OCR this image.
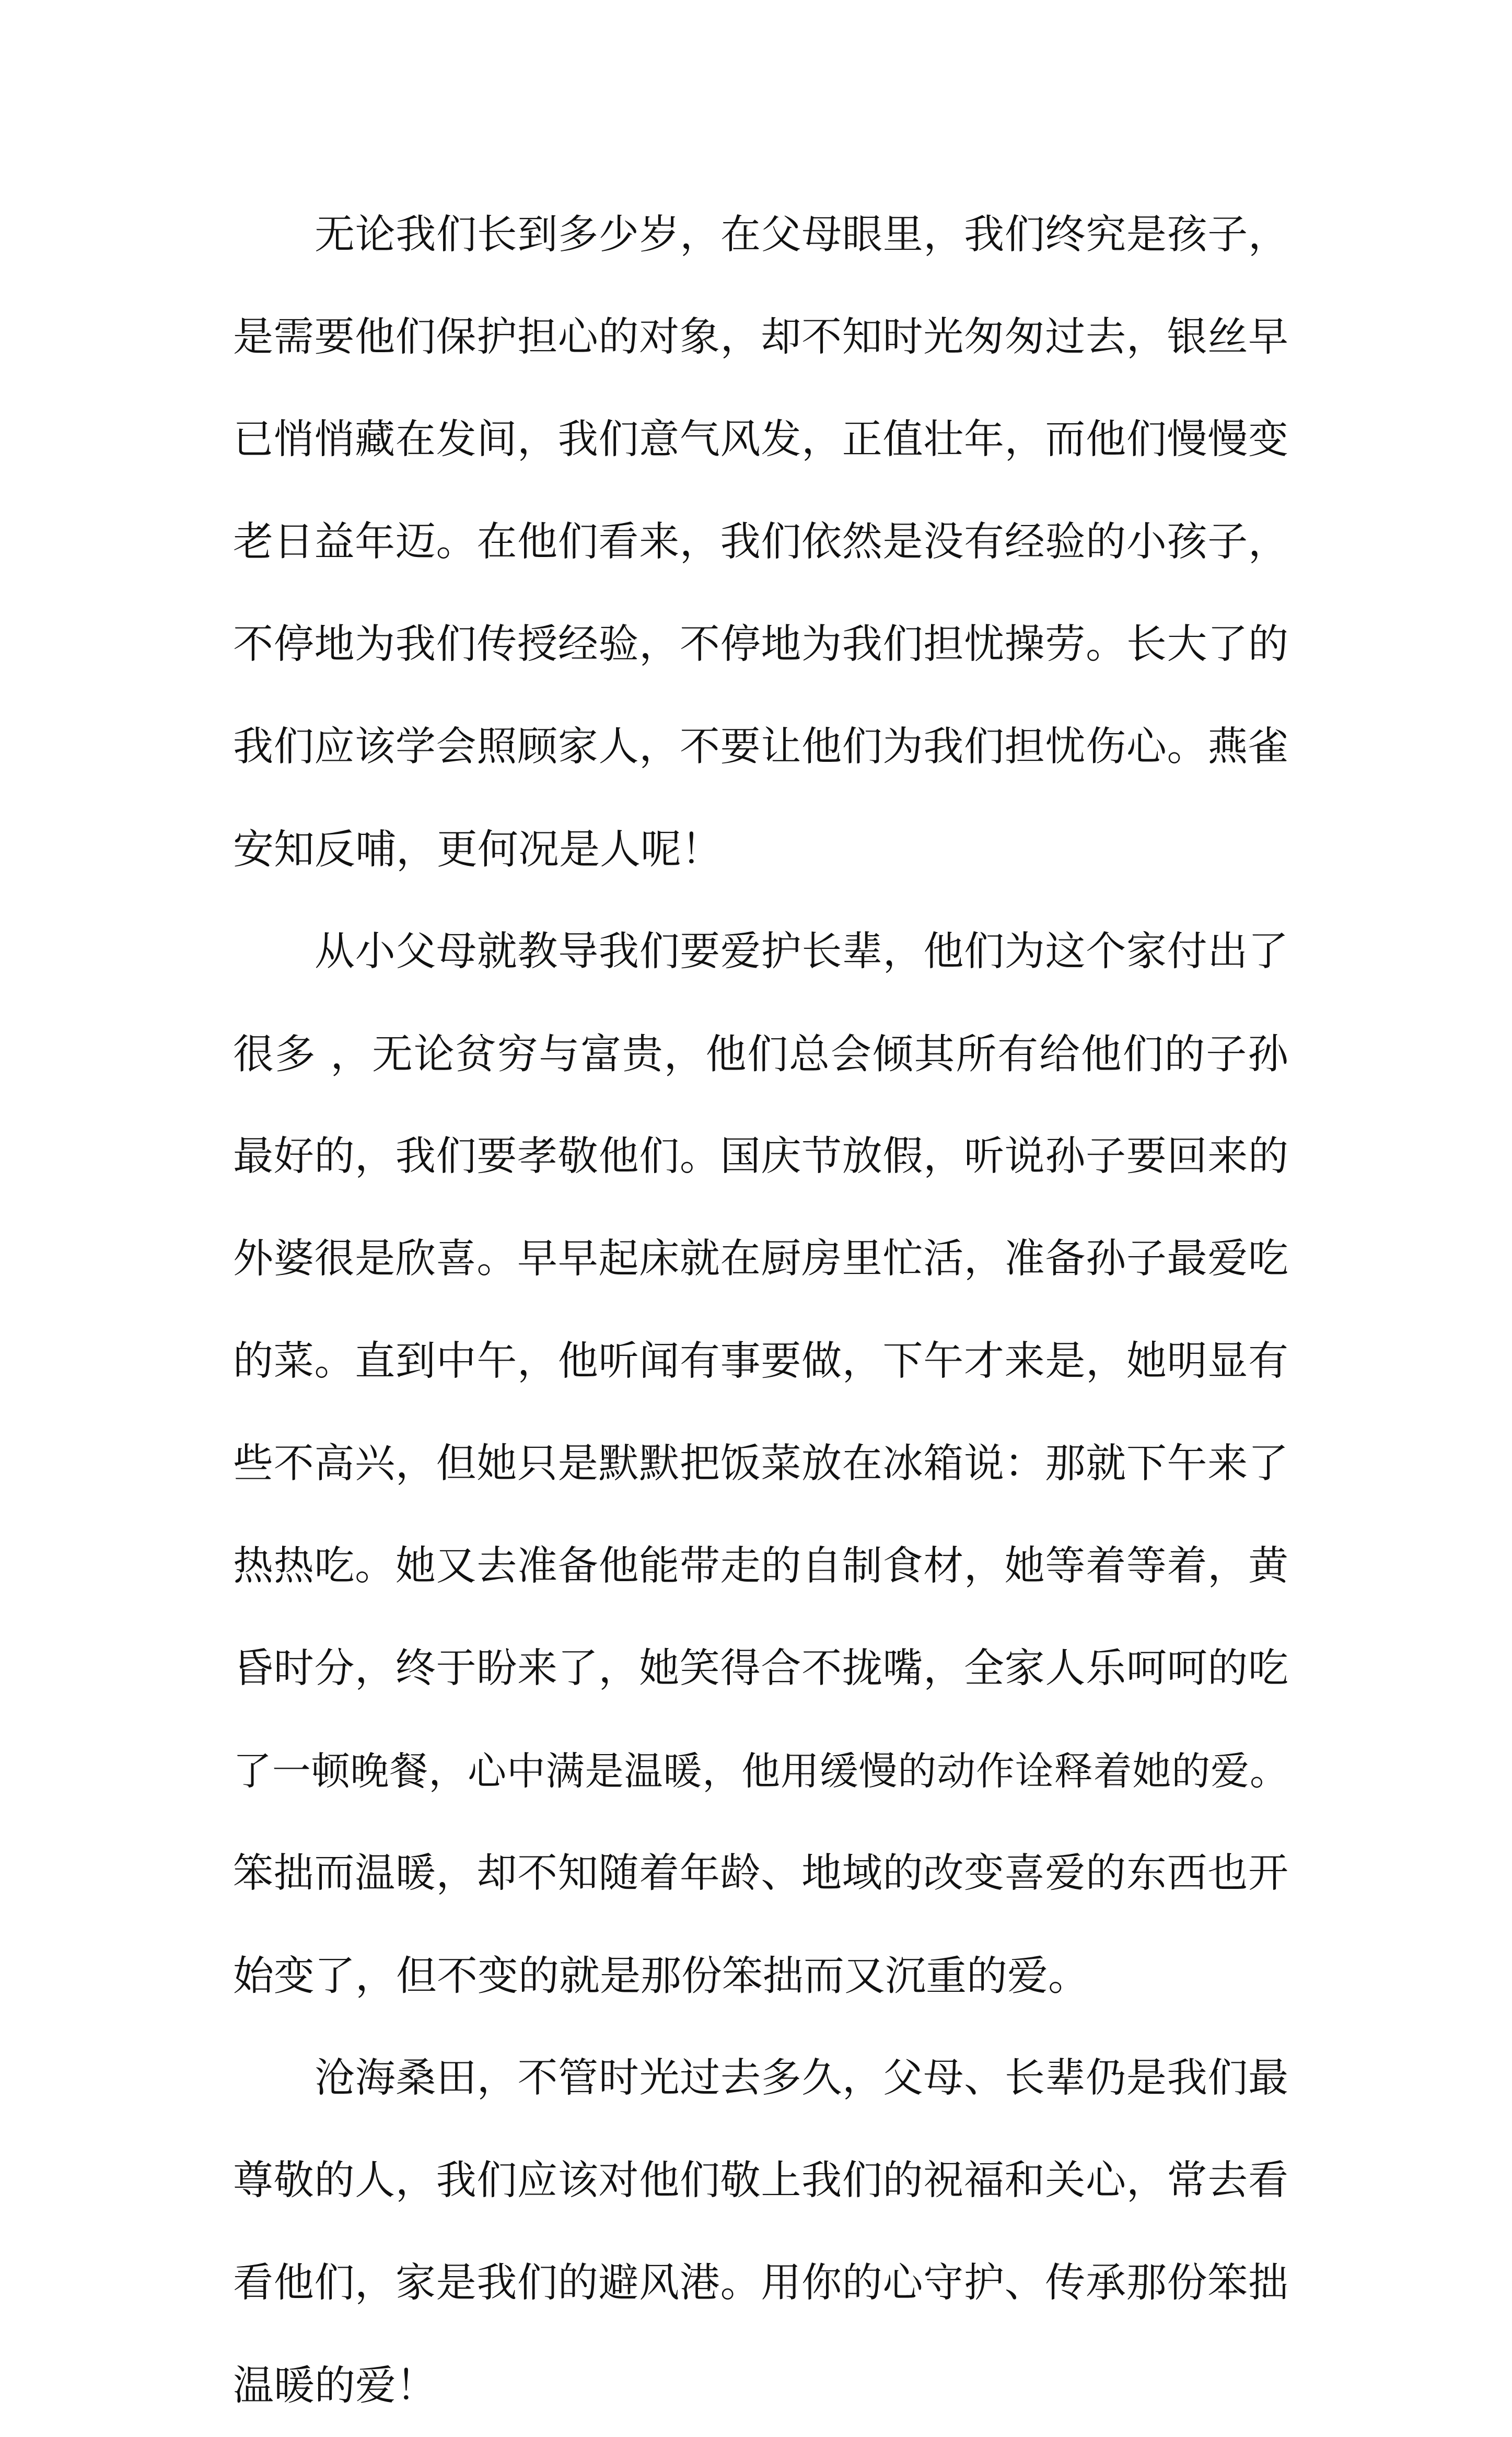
无论我们长到多少岁，在父母眼里，我们终究是孩子，
是需要他们保护担心的对象，却不知时光匆匆过去，银丝早
已悄悄藏在发间，我们意气风发，正值壮年，而他们慢慢变
老日益年迈。在他们看来，我们依然是没有经验的小孩子，
不停地为我们传授经验，不停地为我们担忧操劳。长大了的
我们应该学会照顾家人，不要让他们为我们担忧伤心。燕雀
安知反哺，更何况是人呢！
从小父母就教导我们要爱护长辈，他们为这个家付出了
很多 ，无论贫穷与富贵，他们总会倾其所有给他们的子孙
最好的，我们要孝敬他们。国庆节放假，听说孙子要回来的
外婆很是欣喜。早早起床就在厨房里忙活，准备孙子最爱吃
的菜。直到中午，他听闻有事要做，下午才来是，她明显有
些不高兴，但她只是默默把饭菜放在冰箱说：那就下午来了
热热吃。她又去准备他能带走的自制食材，她等着等着，黄
昏时分，终于盼来了，她笑得合不拢嘴，全家人乐呵呵的吃
了一顿晚餐，心中满是温暖，他用缓慢的动作诠释着她的爱。
笨拙而温暖，却不知随着年龄、地域的改变喜爱的东西也开
始变了，但不变的就是那份笨拙而又沉重的爱。
沧海桑田，不管时光过去多久，父母、长辈仍是我们最
尊敬的人，我们应该对他们敬上我们的祝福和关心，常去看
看他们，家是我们的避风港。用你的心守护、传承那份笨拙
温暖的爱！
